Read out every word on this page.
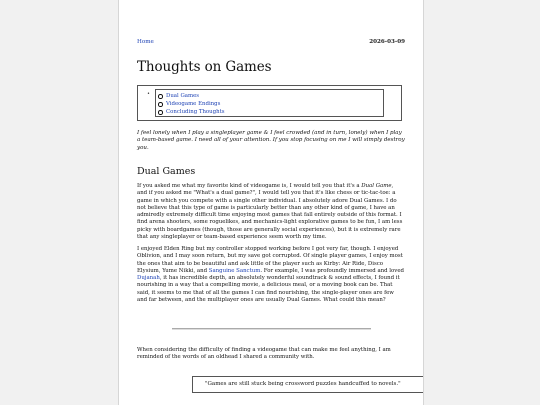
Home	2026-03-09
Thoughts on Games
•	Dual Games
Videogame Endings
Concluding Thoughts

I feel lonely when I play a singleplayer game & I feel crowded (and in turn, lonely) when I play a team-based game. I need all of your attention. If you stop focusing on me I will simply destroy you.

Dual Games

If you asked me what my favorite kind of videogame is, I would tell you that it's a Dual Game, and if you asked me "What's a dual game?", I would tell you that it's like chess or tic-tac-toe: a game in which you compete with a single other individual. I absolutely adore Dual Games. I do not believe that this type of game is particularly better than any other kind of game, I have an admiredly extremely difficult time enjoying most games that fall entirely outside of this format. I find arena shooters, some roguelikes, and mechanics-light explorative games to be fun, I am less picky with boardgames (though, those are generally social experiences), but it is extremely rare that any singleplayer or team-based experience seem worth my time.

I enjoyed Elden Ring but my controller stopped working before I got very far, though. I enjoyed Oblivion, and I may soon return, but my save got corrupted. Of single player games, I enjoy most the ones that aim to be beautiful and ask little of the player such as Kirby: Air Ride, Disco Elysium, Yume Nikki, and Sanguine Sanctum. For example, I was profoundly immersed and loved Dujanah, it has incredible depth, an absolutely wonderful soundtrack & sound effects, I found it nourishing in a way that a compelling movie, a delicious meal, or a moving book can be. That said, it seems to me that of all the games I can find nourishing, the single-player ones are few and far between, and the multiplayer ones are usually Dual Games. What could this mean?

When considering the difficulty of finding a videogame that can make me feel anything, I am reminded of the words of an oldhead I shared a community with.

"Games are still stuck being crossword puzzles handcuffed to novels."
